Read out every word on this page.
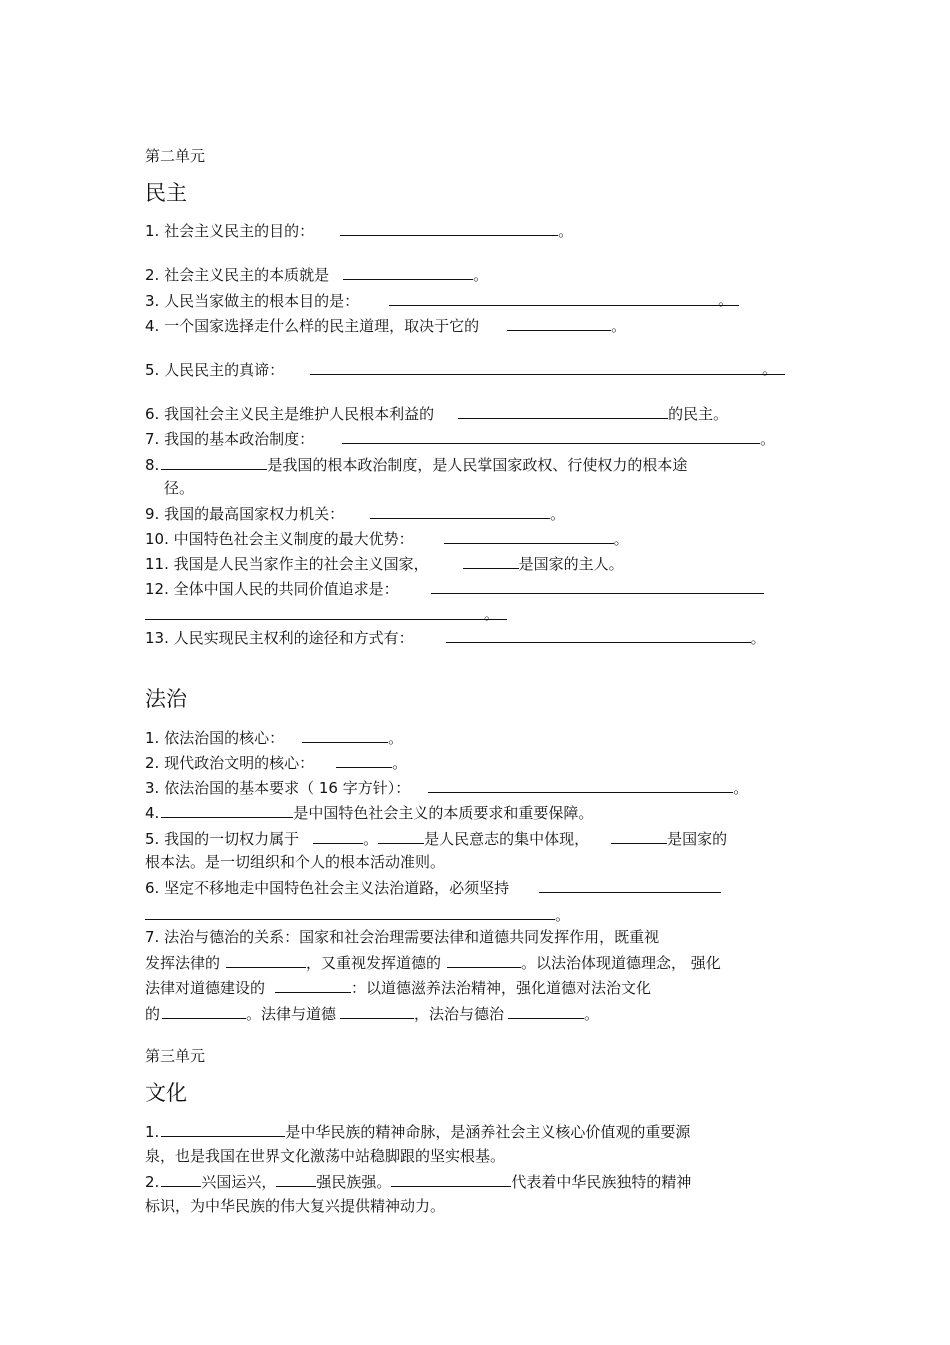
第二单元
民主
1. 社会主义民主的目的：	。
2. 社会主义民主的本质就是	。
3. 人民当家做主的根本目的是：	。
4. 一个国家选择走什么样的民主道理，取决于它的	。
5. 人民民主的真谛：	。
6. 我国社会主义民主是维护人民根本利益的	的民主。
7. 我国的基本政治制度：	。
8.	是我国的根本政治制度，是人民掌国家政权、行使权力的根本途
径。
9. 我国的最高国家权力机关：	。
10. 中国特色社会主义制度的最大优势：	。
11. 我国是人民当家作主的社会主义国家，	是国家的主人。
12. 全体中国人民的共同价值追求是：
。
13. 人民实现民主权利的途径和方式有：	。
法治
1. 依法治国的核心：	。
2. 现代政治文明的核心：	。
3. 依法治国的基本要求（ 16 字方针）：	。
4.	是中国特色社会主义的本质要求和重要保障。
5. 我国的一切权力属于	。	是人民意志的集中体现，	是国家的
根本法。是一切组织和个人的根本活动准则。
6. 坚定不移地走中国特色社会主义法治道路，必须坚持
。
7. 法治与德治的关系：国家和社会治理需要法律和道德共同发挥作用，既重视
发挥法律的	，又重视发挥道德的	。以法治体现道德理念， 强化
法律对道德建设的	：以道德滋养法治精神，强化道德对法治文化
的	。法律与道德	，法治与德治	。
第三单元
文化
1.	是中华民族的精神命脉，是涵养社会主义核心价值观的重要源
泉，也是我国在世界文化激荡中站稳脚跟的坚实根基。
2.	兴国运兴，	强民族强。	代表着中华民族独特的精神
标识，为中华民族的伟大复兴提供精神动力。
